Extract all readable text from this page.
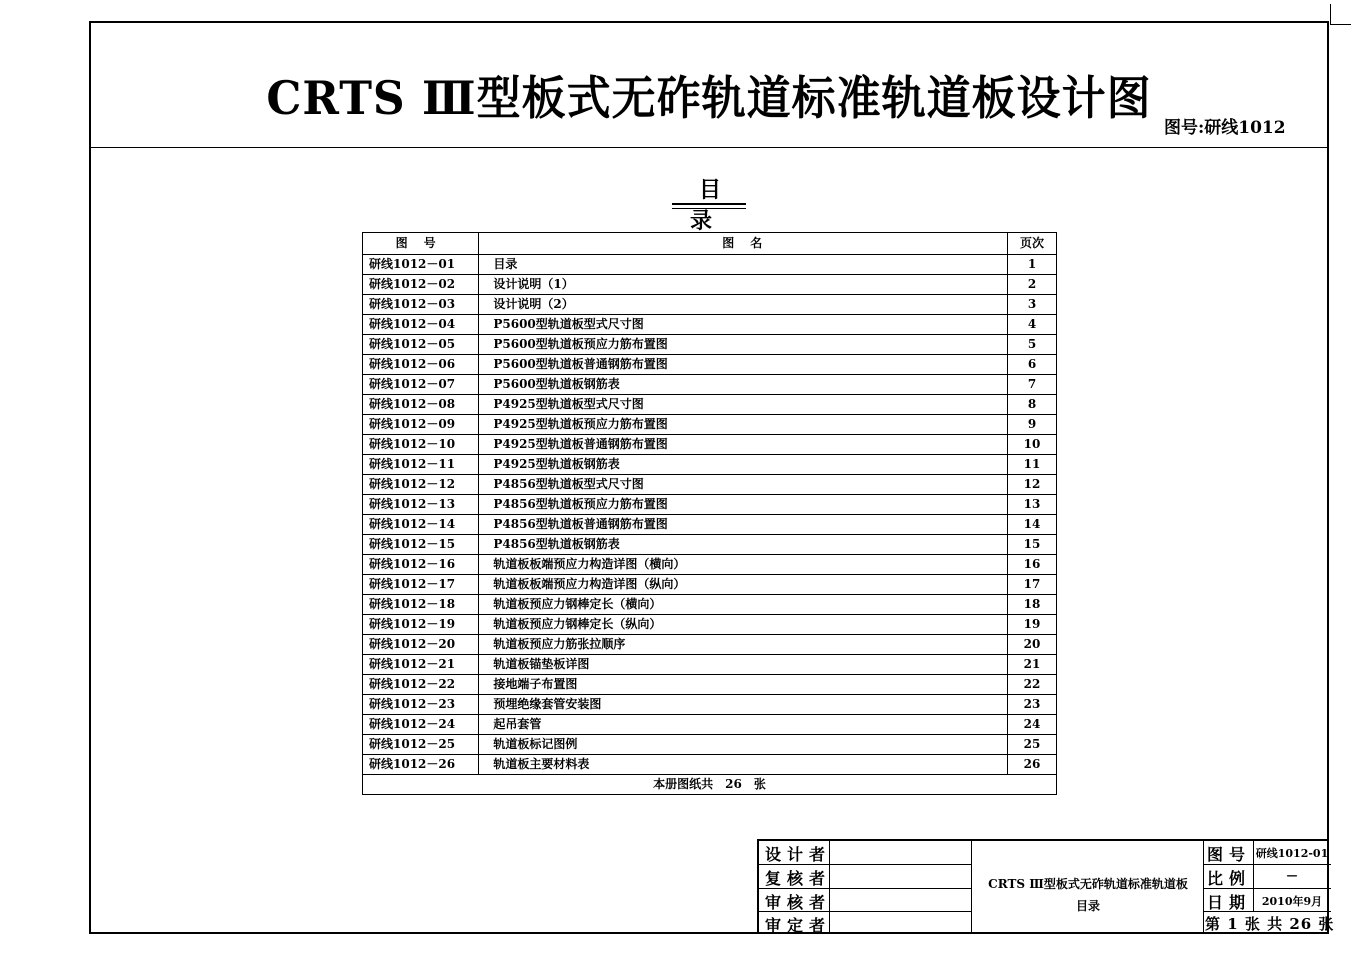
CRTS Ⅲ型板式无砟轨道标准轨道板设计图
图号:研线1012
目录
图号	图名	页次
研线1012－01	目录	1
研线1012－02	设计说明（1）	2
研线1012－03	设计说明（2）	3
研线1012－04	P5600型轨道板型式尺寸图	4
研线1012－05	P5600型轨道板预应力筋布置图	5
研线1012－06	P5600型轨道板普通钢筋布置图	6
研线1012－07	P5600型轨道板钢筋表	7
研线1012－08	P4925型轨道板型式尺寸图	8
研线1012－09	P4925型轨道板预应力筋布置图	9
研线1012－10	P4925型轨道板普通钢筋布置图	10
研线1012－11	P4925型轨道板钢筋表	11
研线1012－12	P4856型轨道板型式尺寸图	12
研线1012－13	P4856型轨道板预应力筋布置图	13
研线1012－14	P4856型轨道板普通钢筋布置图	14
研线1012－15	P4856型轨道板钢筋表	15
研线1012－16	轨道板板端预应力构造详图（横向）	16
研线1012－17	轨道板板端预应力构造详图（纵向）	17
研线1012－18	轨道板预应力钢棒定长（横向）	18
研线1012－19	轨道板预应力钢棒定长（纵向）	19
研线1012－20	轨道板预应力筋张拉顺序	20
研线1012－21	轨道板锚垫板详图	21
研线1012－22	接地端子布置图	22
研线1012－23	预埋绝缘套管安装图	23
研线1012－24	起吊套管	24
研线1012－25	轨道板标记图例	25
研线1012－26	轨道板主要材料表	26
本册图纸共　26　张		
设计者
复核者
审核者
审定者
CRTS Ⅲ型板式无砟轨道标准轨道板
目录
图号 研线1012-01
比例	—
日期 2010年9月
第 1 张 共 26 张
